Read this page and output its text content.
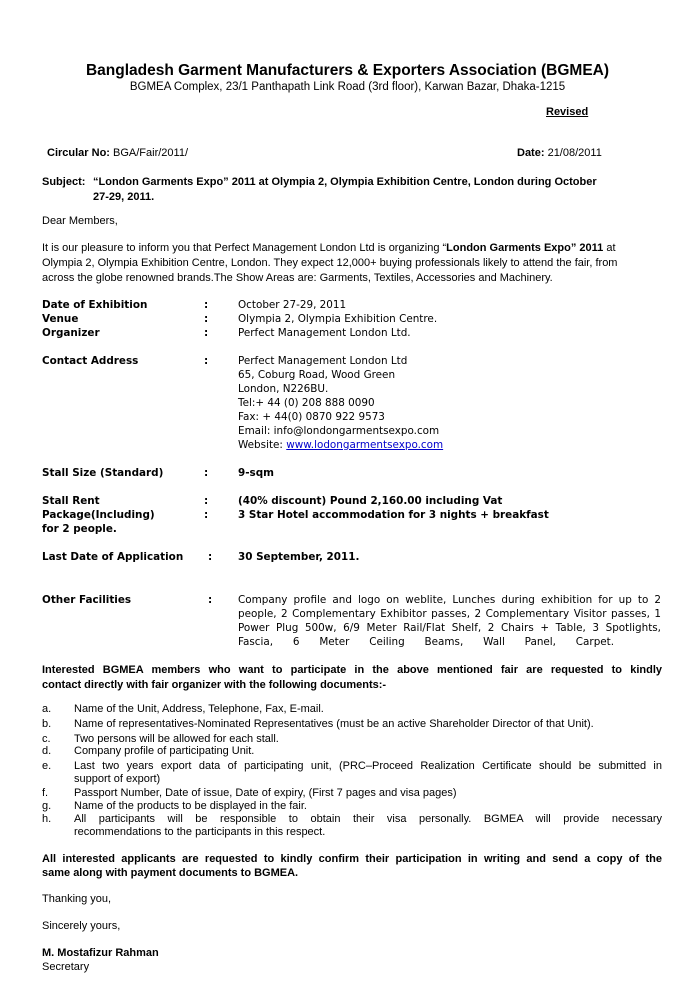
Bangladesh Garment Manufacturers & Exporters Association (BGMEA)
BGMEA Complex, 23/1 Panthapath Link Road (3rd floor), Karwan Bazar, Dhaka-1215
Revised
Circular No: BGA/Fair/2011/	Date: 21/08/2011
Subject: “London Garments Expo” 2011 at Olympia 2, Olympia Exhibition Centre, London during October
27-29, 2011.
Dear Members,
It is our pleasure to inform you that Perfect Management London Ltd is organizing “London Garments Expo” 2011 at
Olympia 2, Olympia Exhibition Centre, London. They expect 12,000+ buying professionals likely to attend the fair, from
across the globe renowned brands.The Show Areas are: Garments, Textiles, Accessories and Machinery.
Date of Exhibition	:	October 27-29, 2011
Venue	:	Olympia 2, Olympia Exhibition Centre.
Organizer	:	Perfect Management London Ltd.
Contact Address	:	Perfect Management London Ltd
65, Coburg Road, Wood Green
London, N226BU.
Tel:+ 44 (0) 208 888 0090
Fax: + 44(0) 0870 922 9573
Email: info@londongarmentsexpo.com
Website: www.lodongarmentsexpo.com
Stall Size (Standard)	:	9-sqm
Stall Rent	:	(40% discount) Pound 2,160.00 including Vat
Package(Including)	:	3 Star Hotel accommodation for 3 nights + breakfast
for 2 people.
Last Date of Application : 30 September, 2011.
Other Facilities	: Company profile and logo on weblite, Lunches during exhibition for up to 2
people, 2 Complementary Exhibitor passes, 2 Complementary Visitor passes, 1
Power Plug 500w, 6/9 Meter Rail/Flat Shelf, 2 Chairs + Table, 3 Spotlights,
Fascia,      6      Meter      Ceiling      Beams,      Wall      Panel,      Carpet.
Interested BGMEA members who want to participate in the above mentioned fair are requested to kindly
contact directly with fair organizer with the following documents:-
a. Name of the Unit, Address, Telephone, Fax, E-mail.
b. Name of representatives-Nominated Representatives (must be an active Shareholder Director of that Unit).
c. Two persons will be allowed for each stall.
d. Company profile of participating Unit.
e. Last two years export data of participating unit, (PRC–Proceed Realization Certificate should be submitted in
support of export)
f. Passport Number, Date of issue, Date of expiry, (First 7 pages and visa pages)
g. Name of the products to be displayed in the fair.
h. All participants will be responsible to obtain their visa personally. BGMEA will provide necessary
recommendations to the participants in this respect.
All interested applicants are requested to kindly confirm their participation in writing and send a copy of the
same along with payment documents to BGMEA.
Thanking you,
Sincerely yours,
M. Mostafizur Rahman
Secretary
